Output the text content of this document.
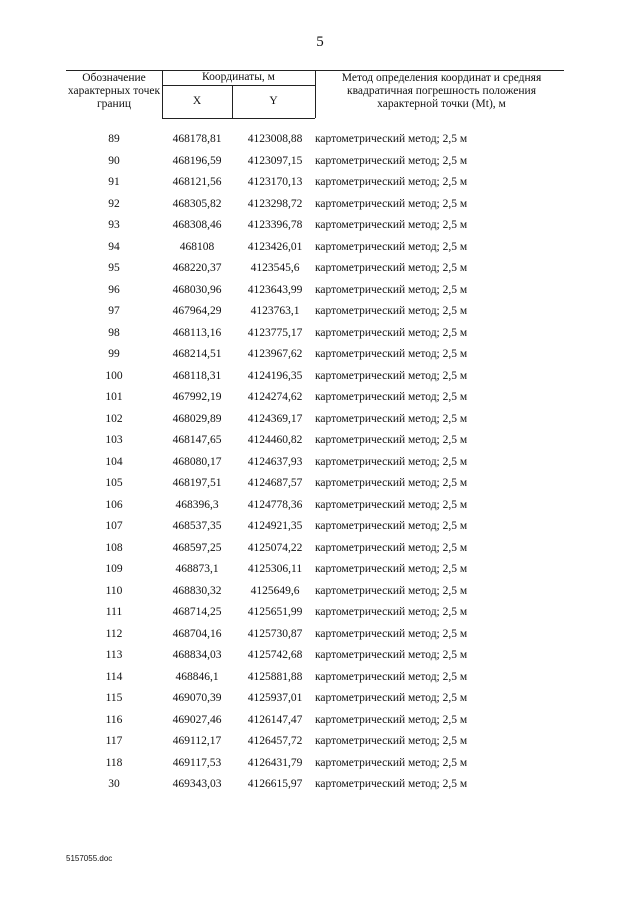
5
Обозначение характерных точек границ
Координаты, м
X	Y
Метод определения координат и средняя квадратичная погрешность положения характерной точки (Mt), м
89	468178,81	4123008,88	картометрический метод; 2,5 м
90	468196,59	4123097,15	картометрический метод; 2,5 м
91	468121,56	4123170,13	картометрический метод; 2,5 м
92	468305,82	4123298,72	картометрический метод; 2,5 м
93	468308,46	4123396,78	картометрический метод; 2,5 м
94	468108	4123426,01	картометрический метод; 2,5 м
95	468220,37	4123545,6	картометрический метод; 2,5 м
96	468030,96	4123643,99	картометрический метод; 2,5 м
97	467964,29	4123763,1	картометрический метод; 2,5 м
98	468113,16	4123775,17	картометрический метод; 2,5 м
99	468214,51	4123967,62	картометрический метод; 2,5 м
100	468118,31	4124196,35	картометрический метод; 2,5 м
101	467992,19	4124274,62	картометрический метод; 2,5 м
102	468029,89	4124369,17	картометрический метод; 2,5 м
103	468147,65	4124460,82	картометрический метод; 2,5 м
104	468080,17	4124637,93	картометрический метод; 2,5 м
105	468197,51	4124687,57	картометрический метод; 2,5 м
106	468396,3	4124778,36	картометрический метод; 2,5 м
107	468537,35	4124921,35	картометрический метод; 2,5 м
108	468597,25	4125074,22	картометрический метод; 2,5 м
109	468873,1	4125306,11	картометрический метод; 2,5 м
110	468830,32	4125649,6	картометрический метод; 2,5 м
111	468714,25	4125651,99	картометрический метод; 2,5 м
112	468704,16	4125730,87	картометрический метод; 2,5 м
113	468834,03	4125742,68	картометрический метод; 2,5 м
114	468846,1	4125881,88	картометрический метод; 2,5 м
115	469070,39	4125937,01	картометрический метод; 2,5 м
116	469027,46	4126147,47	картометрический метод; 2,5 м
117	469112,17	4126457,72	картометрический метод; 2,5 м
118	469117,53	4126431,79	картометрический метод; 2,5 м
30	469343,03	4126615,97	картометрический метод; 2,5 м
5157055.doc
